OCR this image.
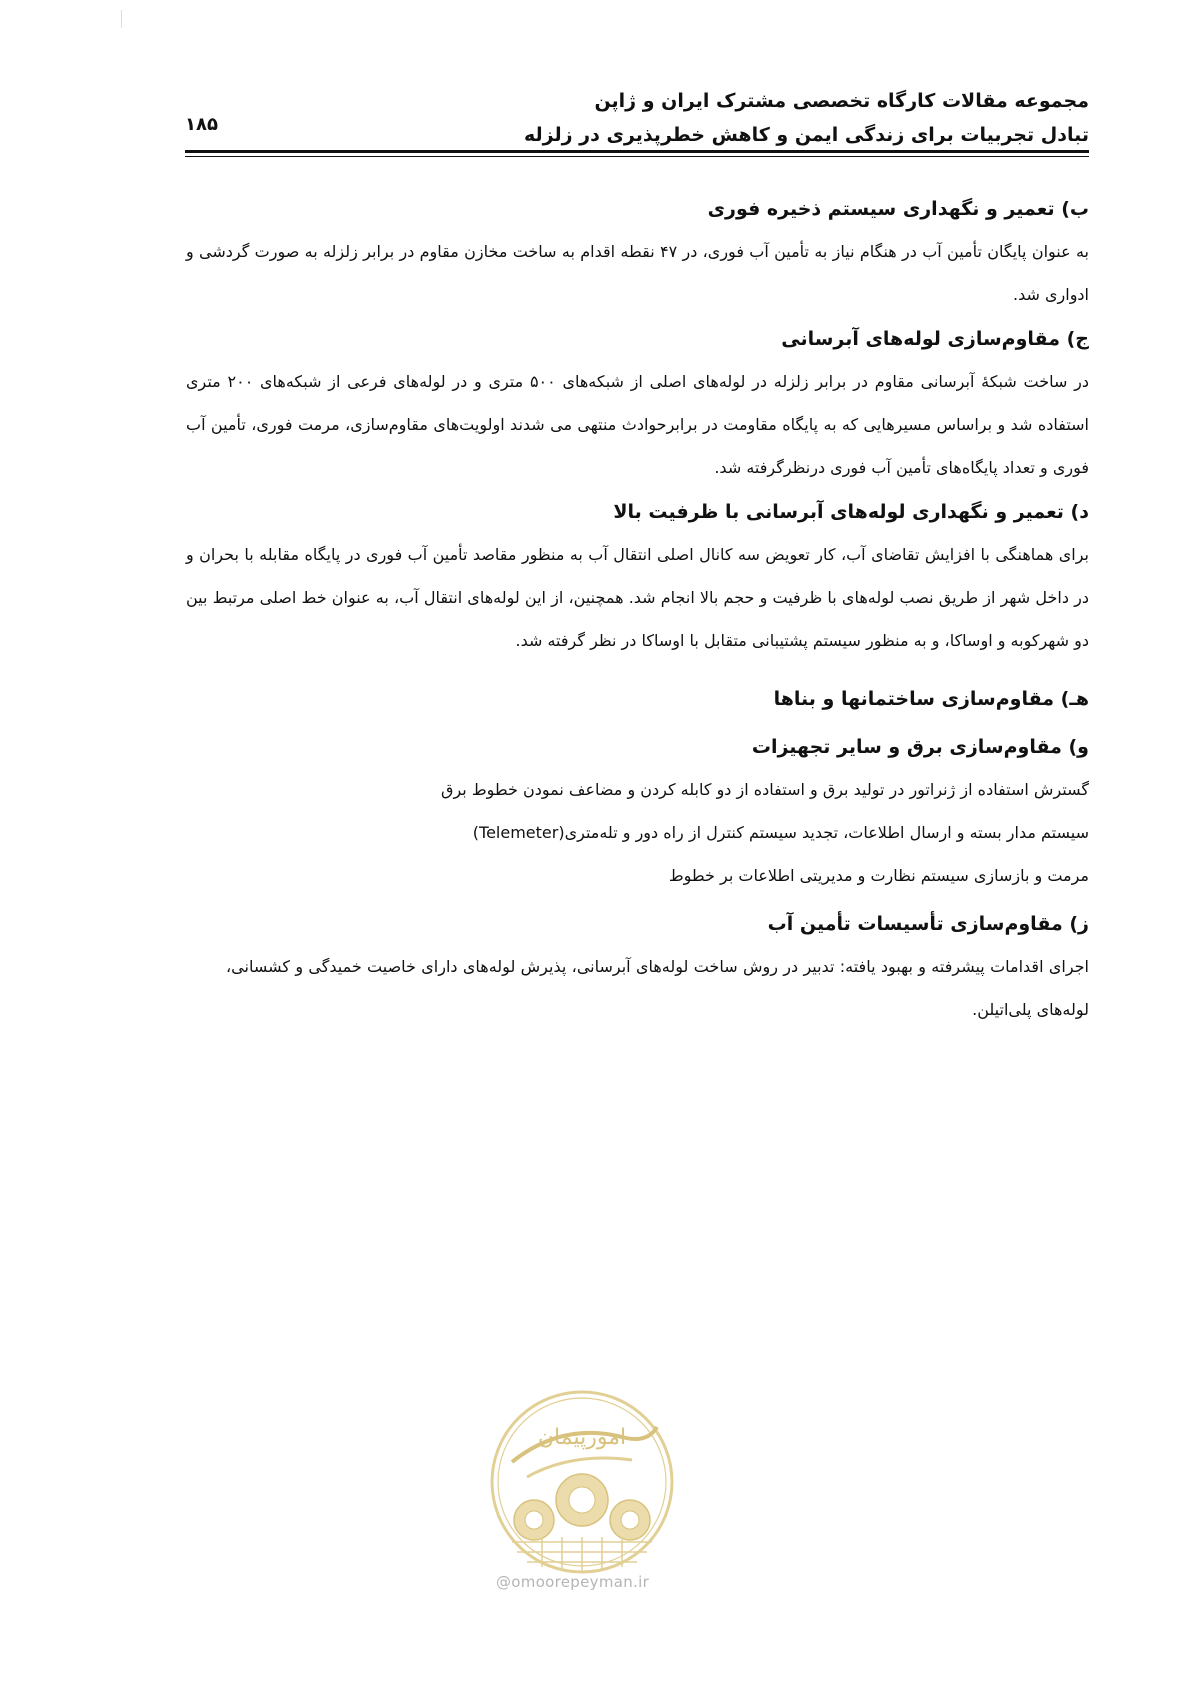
مجموعه مقالات کارگاه تخصصی مشترک ایران و ژاپن
تبادل تجربیات برای زندگی ایمن و کاهش خطرپذیری در زلزله
۱۸۵
ب) تعمیر و نگهداری سیستم ذخیره فوری

به عنوان پایگان تأمین آب در هنگام نیاز به تأمین آب فوری، در ۴۷ نقطه اقدام به ساخت مخازن مقاوم در برابر زلزله به صورت گردشی و ادواری شد.

ج) مقاوم‌سازی لوله‌های آبرسانی

در ساخت شبکهٔ آبرسانی مقاوم در برابر زلزله در لوله‌های اصلی از شبکه‌های ۵۰۰ متری و در لوله‌های فرعی از شبکه‌های ۲۰۰ متری استفاده شد و براساس مسیرهایی که به پایگاه مقاومت در برابرحوادث منتهی می شدند اولویت‌های مقاوم‌سازی، مرمت فوری، تأمین آب فوری و تعداد پایگاه‌های تأمین آب فوری درنظرگرفته شد.

د) تعمیر و نگهداری لوله‌های آبرسانی با ظرفیت بالا

برای هماهنگی با افزایش تقاضای آب، کار تعویض سه کانال اصلی انتقال آب به منظور مقاصد تأمین آب فوری در پایگاه مقابله با بحران و در داخل شهر از طریق نصب لوله‌های با ظرفیت و حجم بالا انجام شد. همچنین، از این لوله‌های انتقال آب، به عنوان خط اصلی مرتبط بین دو شهرکوبه و اوساکا، و به منظور سیستم پشتیبانی متقابل با اوساکا در نظر گرفته شد.

هـ) مقاوم‌سازی ساختمانها و بناها
و) مقاوم‌سازی برق و سایر تجهیزات
گسترش استفاده از ژنراتور در تولید برق و استفاده از دو کابله کردن و مضاعف نمودن خطوط برق
سیستم مدار بسته و ارسال اطلاعات، تجدید سیستم کنترل از راه دور و تله‌متری(Telemeter)
مرمت و بازسازی سیستم نظارت و مدیریتی اطلاعات بر خطوط
ز) مقاوم‌سازی تأسیسات تأمین آب

اجرای اقدامات پیشرفته و بهبود یافته: تدبیر در روش ساخت لوله‌های آبرسانی، پذیرش لوله‌های دارای خاصیت خمیدگی و کشسانی، لوله‌های پلی‌اتیلن.

امورپیمان
@omoorepeyman.ir
